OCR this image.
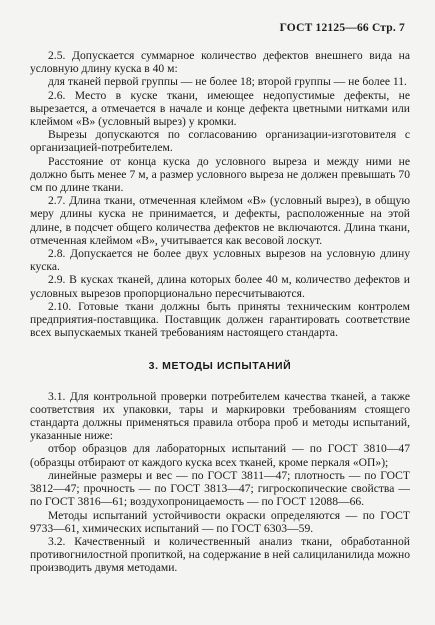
ГОСТ 12125—66 Стр. 7

2.5. Допускается суммарное количество дефектов внешнего вида на условную длину куска в 40 м:

для тканей первой группы — не более 18; второй группы — не более 11.

2.6. Место в куске ткани, имеющее недопустимые дефекты, не вырезается, а отмечается в начале и конце дефекта цветными нитками или клеймом «В» (условный вырез) у кромки.

Вырезы допускаются по согласованию организации-изготовителя с организацией-потребителем.

Расстояние от конца куска до условного выреза и между ними не должно быть менее 7 м, а размер условного выреза не должен превышать 70 см по длине ткани.

2.7. Длина ткани, отмеченная клеймом «В» (условный вырез), в общую меру длины куска не принимается, и дефекты, расположенные на этой длине, в подсчет общего количества дефектов не включаются. Длина ткани, отмеченная клеймом «В», учитывается как весовой лоскут.

2.8. Допускается не более двух условных вырезов на условную длину куска.

2.9. В кусках тканей, длина которых более 40 м, количество дефектов и условных вырезов пропорционально пересчитываются.

2.10. Готовые ткани должны быть приняты техническим контролем предприятия-поставщика. Поставщик должен гарантировать соответствие всех выпускаемых тканей требованиям настоящего стандарта.

3. МЕТОДЫ ИСПЫТАНИЙ

3.1. Для контрольной проверки потребителем качества тканей, а также соответствия их упаковки, тары и маркировки требованиям стоящего стандарта должны применяться правила отбора проб и методы испытаний, указанные ниже:

отбор образцов для лабораторных испытаний — по ГОСТ 3810—47 (образцы отбирают от каждого куска всех тканей, кроме перкаля «ОП»);

линейные размеры и вес — по ГОСТ 3811—47; плотность — по ГОСТ 3812—47; прочность — по ГОСТ 3813—47; гигроскопические свойства — по ГОСТ 3816—61; воздухопроницаемость — по ГОСТ 12088—66.

Методы испытаний устойчивости окраски определяются — по ГОСТ 9733—61, химических испытаний — по ГОСТ 6303—59.

3.2. Качественный и количественный анализ ткани, обработанной противогнилостной пропиткой, на содержание в ней салициланилида можно производить двумя методами.
